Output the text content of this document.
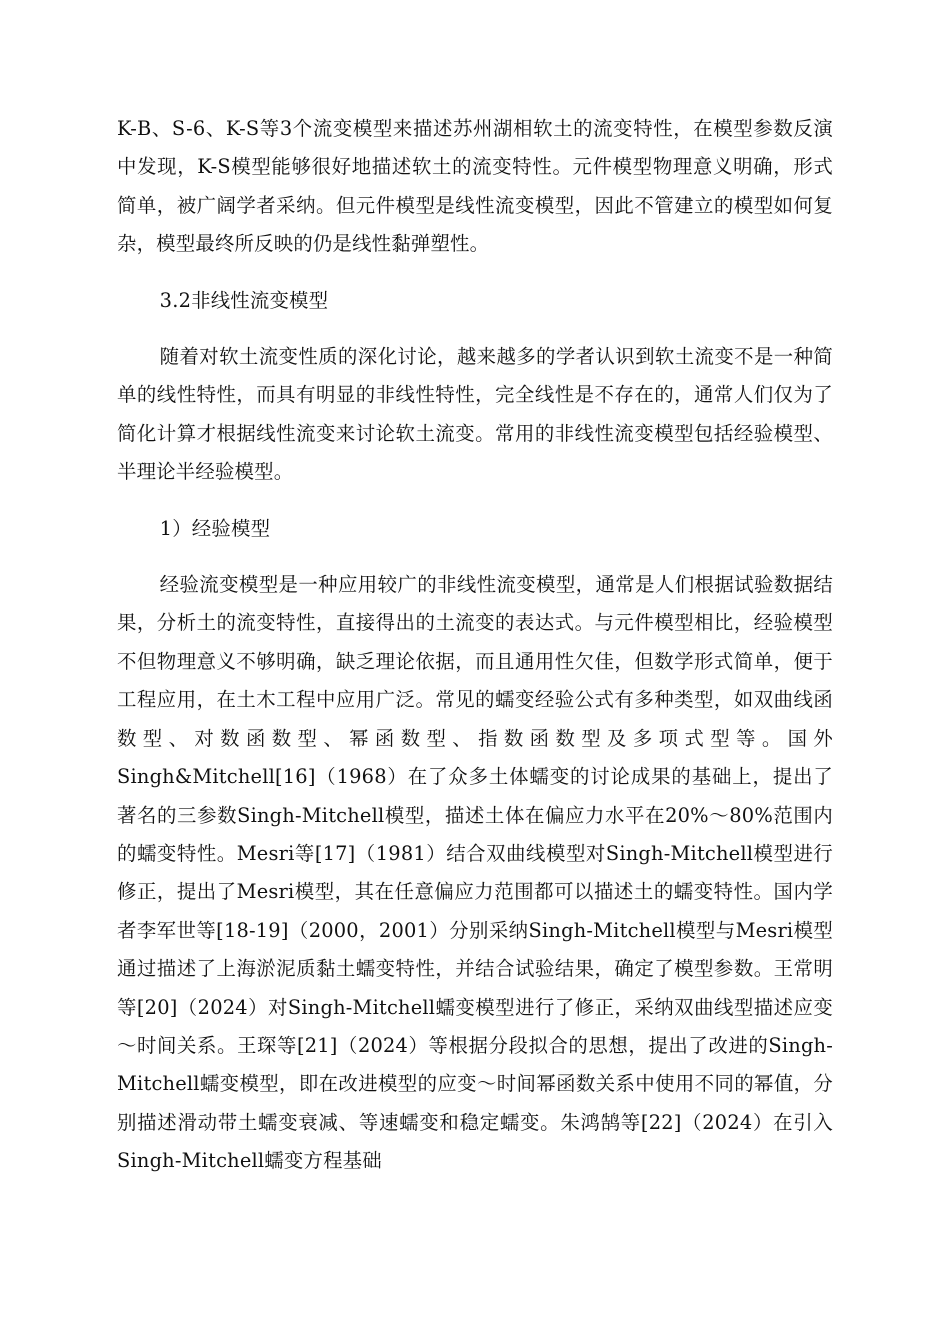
K-B、S-6、K-S等3个流变模型来描述苏州湖相软土的流变特性，在模型参数反演中发现，K-S模型能够很好地描述软土的流变特性。元件模型物理意义明确，形式简单，被广阔学者采纳。但元件模型是线性流变模型，因此不管建立的模型如何复杂，模型最终所反映的仍是线性黏弹塑性。

3.2非线性流变模型

随着对软土流变性质的深化讨论，越来越多的学者认识到软土流变不是一种简单的线性特性，而具有明显的非线性特性，完全线性是不存在的，通常人们仅为了简化计算才根据线性流变来讨论软土流变。常用的非线性流变模型包括经验模型、半理论半经验模型。

1）经验模型

经验流变模型是一种应用较广的非线性流变模型，通常是人们根据试验数据结果，分析土的流变特性，直接得出的土流变的表达式。与元件模型相比，经验模型不但物理意义不够明确，缺乏理论依据，而且通用性欠佳，但数学形式简单，便于工程应用，在土木工程中应用广泛。常见的蠕变经验公式有多种类型，如双曲线函数型、对数函数型、幂函数型、指数函数型及多项式型等。国外Singh&Mitchell[16]（1968）在了众多土体蠕变的讨论成果的基础上，提出了著名的三参数Singh-Mitchell模型，描述土体在偏应力水平在20%～80%范围内的蠕变特性。Mesri等[17]（1981）结合双曲线模型对Singh-Mitchell模型进行修正，提出了Mesri模型，其在任意偏应力范围都可以描述土的蠕变特性。国内学者李军世等[18-19]（2000，2001）分别采纳Singh-Mitchell模型与Mesri模型通过描述了上海淤泥质黏土蠕变特性，并结合试验结果，确定了模型参数。王常明等[20]（2024）对Singh-Mitchell蠕变模型进行了修正，采纳双曲线型描述应变～时间关系。王琛等[21]（2024）等根据分段拟合的思想，提出了改进的Singh-Mitchell蠕变模型，即在改进模型的应变～时间幂函数关系中使用不同的幂值，分别描述滑动带土蠕变衰减、等速蠕变和稳定蠕变。朱鸿鹄等[22]（2024）在引入Singh-Mitchell蠕变方程基础
